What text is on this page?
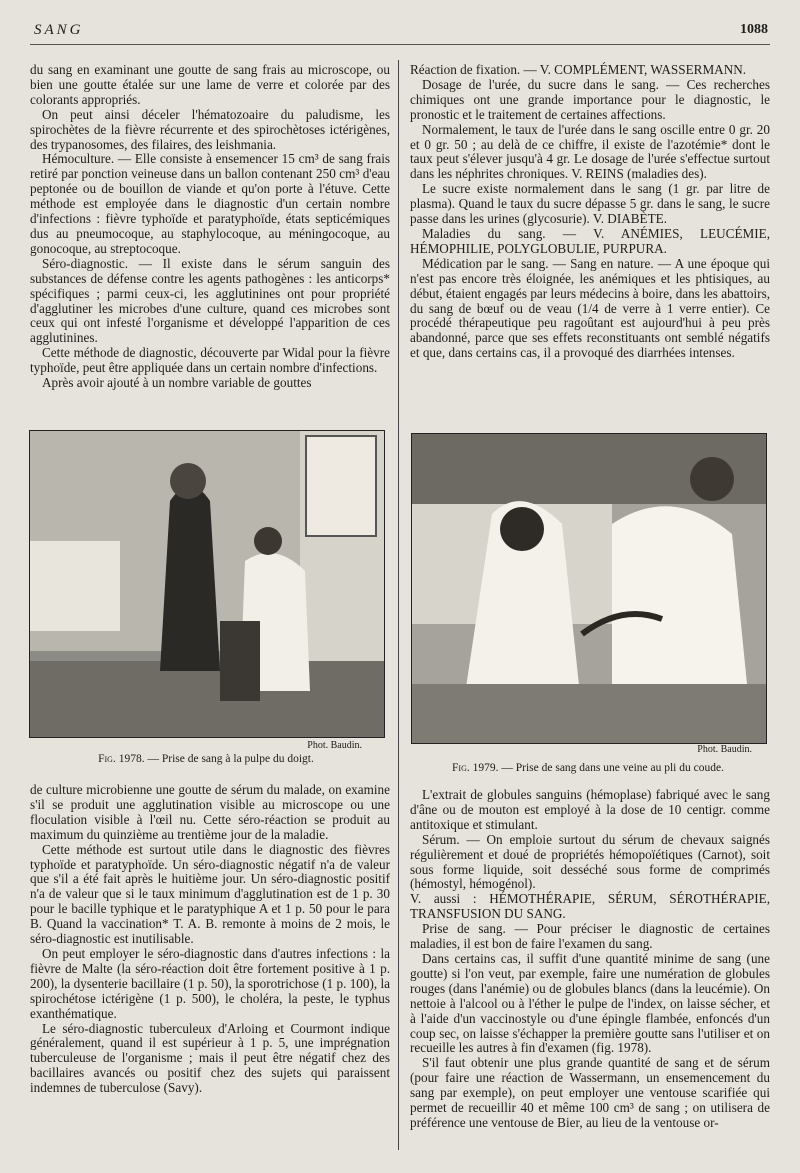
SANG	1088

du sang en examinant une goutte de sang frais au microscope, ou bien une goutte étalée sur une lame de verre et colorée par des colorants appropriés.

On peut ainsi déceler l'hématozoaire du paludisme, les spirochètes de la fièvre récurrente et des spirochètoses ictérigènes, des trypanosomes, des filaires, des leishmania.

Hémoculture. — Elle consiste à ensemencer 15 cm³ de sang frais retiré par ponction veineuse dans un ballon contenant 250 cm³ d'eau peptonée ou de bouillon de viande et qu'on porte à l'étuve. Cette méthode est employée dans le diagnostic d'un certain nombre d'infections : fièvre typhoïde et paratyphoïde, états septicémiques dus au pneumocoque, au staphylocoque, au méningocoque, au gonocoque, au streptocoque.

Séro-diagnostic. — Il existe dans le sérum sanguin des substances de défense contre les agents pathogènes : les anticorps* spécifiques ; parmi ceux-ci, les agglutinines ont pour propriété d'agglutiner les microbes d'une culture, quand ces microbes sont ceux qui ont infesté l'organisme et développé l'apparition de ces agglutinines.

Cette méthode de diagnostic, découverte par Widal pour la fièvre typhoïde, peut être appliquée dans un certain nombre d'infections.

Après avoir ajouté à un nombre variable de gouttes

Réaction de fixation. — V. COMPLÉMENT, WASSERMANN.

Dosage de l'urée, du sucre dans le sang. — Ces recherches chimiques ont une grande importance pour le diagnostic, le pronostic et le traitement de certaines affections.

Normalement, le taux de l'urée dans le sang oscille entre 0 gr. 20 et 0 gr. 50 ; au delà de ce chiffre, il existe de l'azotémie* dont le taux peut s'élever jusqu'à 4 gr. Le dosage de l'urée s'effectue surtout dans les néphrites chroniques. V. REINS (maladies des).

Le sucre existe normalement dans le sang (1 gr. par litre de plasma). Quand le taux du sucre dépasse 5 gr. dans le sang, le sucre passe dans les urines (glycosurie). V. DIABÈTE.

Maladies du sang. — V. ANÉMIES, LEUCÉMIE, HÉMOPHILIE, POLYGLOBULIE, PURPURA.

Médication par le sang. — Sang en nature. — A une époque qui n'est pas encore très éloignée, les anémiques et les phtisiques, au début, étaient engagés par leurs médecins à boire, dans les abattoirs, du sang de bœuf ou de veau (1/4 de verre à 1 verre entier). Ce procédé thérapeutique peu ragoûtant est aujourd'hui à peu près abandonné, parce que ses effets reconstituants ont semblé négatifs et que, dans certains cas, il a provoqué des diarrhées intenses.

Phot. Baudin.
Fig. 1978. — Prise de sang à la pulpe du doigt.
Phot. Baudin.
Fig. 1979. — Prise de sang dans une veine au pli du coude.

de culture microbienne une goutte de sérum du malade, on examine s'il se produit une agglutination visible au microscope ou une floculation visible à l'œil nu. Cette séro-réaction se produit au maximum du quinzième au trentième jour de la maladie.

Cette méthode est surtout utile dans le diagnostic des fièvres typhoïde et paratyphoïde. Un séro-diagnostic négatif n'a de valeur que s'il a été fait après le huitième jour. Un séro-diagnostic positif n'a de valeur que si le taux minimum d'agglutination est de 1 p. 30 pour le bacille typhique et le paratyphique A et 1 p. 50 pour le para B. Quand la vaccination* T. A. B. remonte à moins de 2 mois, le séro-diagnostic est inutilisable.

On peut employer le séro-diagnostic dans d'autres infections : la fièvre de Malte (la séro-réaction doit être fortement positive à 1 p. 200), la dysenterie bacillaire (1 p. 50), la sporotrichose (1 p. 100), la spirochétose ictérigène (1 p. 500), le choléra, la peste, le typhus exanthématique.

Le séro-diagnostic tuberculeux d'Arloing et Courmont indique généralement, quand il est supérieur à 1 p. 5, une imprégnation tuberculeuse de l'organisme ; mais il peut être négatif chez des bacillaires avancés ou positif chez des sujets qui paraissent indemnes de tuberculose (Savy).

L'extrait de globules sanguins (hémoplase) fabriqué avec le sang d'âne ou de mouton est employé à la dose de 10 centigr. comme antitoxique et stimulant.

Sérum. — On emploie surtout du sérum de chevaux saignés régulièrement et doué de propriétés hémopoïétiques (Carnot), soit sous forme liquide, soit desséché sous forme de comprimés (hémostyl, hémogénol).

V. aussi : HÉMOTHÉRAPIE, SÉRUM, SÉROTHÉRAPIE, TRANSFUSION DU SANG.

Prise de sang. — Pour préciser le diagnostic de certaines maladies, il est bon de faire l'examen du sang.

Dans certains cas, il suffit d'une quantité minime de sang (une goutte) si l'on veut, par exemple, faire une numération de globules rouges (dans l'anémie) ou de globules blancs (dans la leucémie). On nettoie à l'alcool ou à l'éther le pulpe de l'index, on laisse sécher, et à l'aide d'un vaccinostyle ou d'une épingle flambée, enfoncés d'un coup sec, on laisse s'échapper la première goutte sans l'utiliser et on recueille les autres à fin d'examen (fig. 1978).

S'il faut obtenir une plus grande quantité de sang et de sérum (pour faire une réaction de Wassermann, un ensemencement du sang par exemple), on peut employer une ventouse scarifiée qui permet de recueillir 40 et même 100 cm³ de sang ; on utilisera de préférence une ventouse de Bier, au lieu de la ventouse or-
